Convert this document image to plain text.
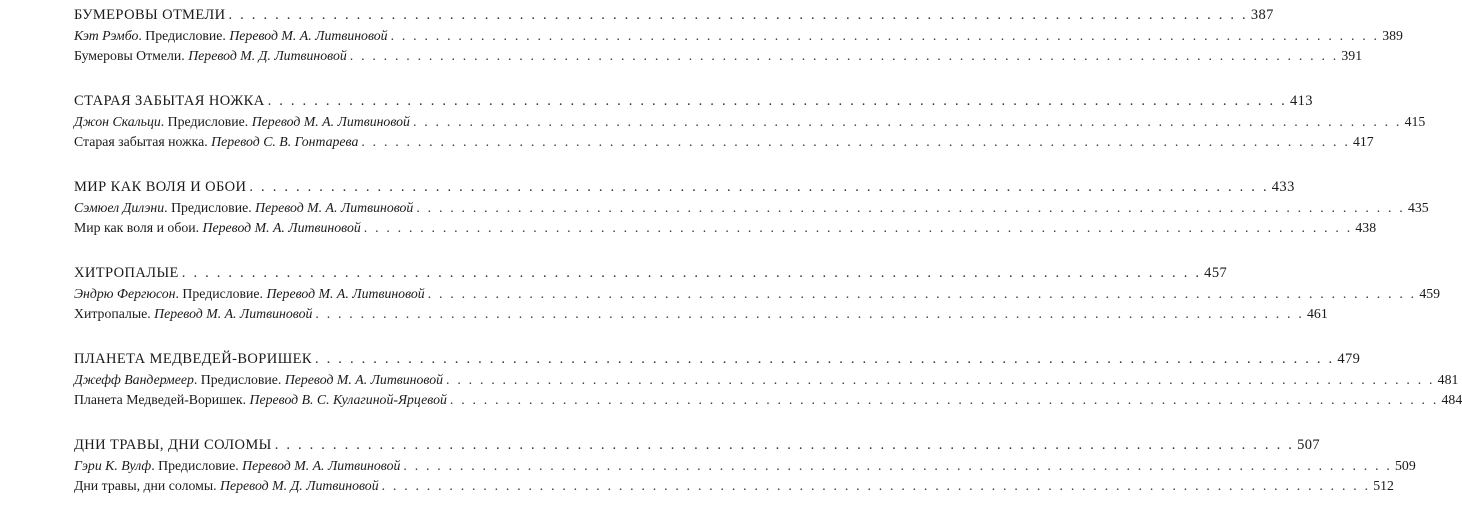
БУМЕРОВЫ ОТМЕЛИ . . .	387
Кэт Рэмбо. Предисловие. Перевод М. А. Литвиновой . . .	389
Бумеровы Отмели. Перевод М. Д. Литвиновой . . .	391
СТАРАЯ ЗАБЫТАЯ НОЖКА . . .	413
Джон Скальци. Предисловие. Перевод М. А. Литвиновой . . .	415
Старая забытая ножка. Перевод С. В. Гонтарева . . .	417
МИР КАК ВОЛЯ И ОБОИ . . .	433
Сэмюел Дилэни. Предисловие. Перевод М. А. Литвиновой . . .	435
Мир как воля и обои. Перевод М. А. Литвиновой . . .	438
ХИТРОПАЛЫЕ . . .	457
Эндрю Фергюсон. Предисловие. Перевод М. А. Литвиновой . . .	459
Хитропалые. Перевод М. А. Литвиновой . . .	461
ПЛАНЕТА МЕДВЕДЕЙ-ВОРИШЕК . . .	479
Джефф Вандермеер. Предисловие. Перевод М. А. Литвиновой . . .	481
Планета Медведей-Воришек. Перевод В. С. Кулагиной-Ярцевой . . .	484
ДНИ ТРАВЫ, ДНИ СОЛОМЫ . . .	507
Гэри К. Вулф. Предисловие. Перевод М. А. Литвиновой . . .	509
Дни травы, дни соломы. Перевод М. Д. Литвиновой . . .	512
